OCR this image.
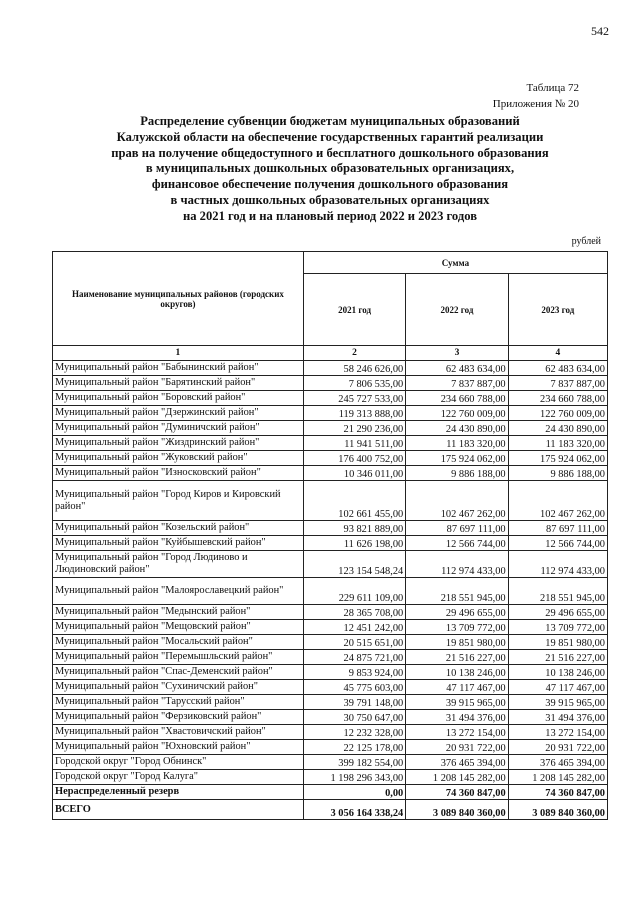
542
Таблица 72
Приложения № 20
Распределение субвенции бюджетам муниципальных образований
Калужской области на обеспечение государственных гарантий реализации
прав на получение общедоступного и бесплатного дошкольного образования
в муниципальных дошкольных образовательных организациях,
финансовое обеспечение получения дошкольного образования
в частных дошкольных образовательных организациях
на 2021 год и на плановый период 2022 и 2023 годов
рублей
Наименование муниципальных районов (городских округов)	Сумма		
	2021 год	2022 год	2023 год
1	2	3	4
Муниципальный район "Бабынинский район"	58 246 626,00	62 483 634,00	62 483 634,00
Муниципальный район "Барятинский район"	7 806 535,00	7 837 887,00	7 837 887,00
Муниципальный район "Боровский район"	245 727 533,00	234 660 788,00	234 660 788,00
Муниципальный район "Дзержинский район"	119 313 888,00	122 760 009,00	122 760 009,00
Муниципальный район "Думиничский район"	21 290 236,00	24 430 890,00	24 430 890,00
Муниципальный район "Жиздринский район"	11 941 511,00	11 183 320,00	11 183 320,00
Муниципальный район "Жуковский район"	176 400 752,00	175 924 062,00	175 924 062,00
Муниципальный район "Износковский район"	10 346 011,00	9 886 188,00	9 886 188,00
Муниципальный район "Город Киров и Кировский район"	102 661 455,00	102 467 262,00	102 467 262,00
Муниципальный район "Козельский район"	93 821 889,00	87 697 111,00	87 697 111,00
Муниципальный район "Куйбышевский район"	11 626 198,00	12 566 744,00	12 566 744,00
Муниципальный район "Город Людиново и Людиновский район"	123 154 548,24	112 974 433,00	112 974 433,00
Муниципальный район "Малоярославецкий район"	229 611 109,00	218 551 945,00	218 551 945,00
Муниципальный район "Медынский район"	28 365 708,00	29 496 655,00	29 496 655,00
Муниципальный район "Мещовский район"	12 451 242,00	13 709 772,00	13 709 772,00
Муниципальный район "Мосальский район"	20 515 651,00	19 851 980,00	19 851 980,00
Муниципальный район "Перемышльский район"	24 875 721,00	21 516 227,00	21 516 227,00
Муниципальный район "Спас-Деменский район"	9 853 924,00	10 138 246,00	10 138 246,00
Муниципальный район "Сухиничский район"	45 775 603,00	47 117 467,00	47 117 467,00
Муниципальный район "Тарусский район"	39 791 148,00	39 915 965,00	39 915 965,00
Муниципальный район "Ферзиковский район"	30 750 647,00	31 494 376,00	31 494 376,00
Муниципальный район "Хвастовичский район"	12 232 328,00	13 272 154,00	13 272 154,00
Муниципальный район "Юхновский район"	22 125 178,00	20 931 722,00	20 931 722,00
Городской округ "Город Обнинск"	399 182 554,00	376 465 394,00	376 465 394,00
Городской округ "Город Калуга"	1 198 296 343,00	1 208 145 282,00	1 208 145 282,00
Нераспределенный резерв	0,00	74 360 847,00	74 360 847,00
ВСЕГО	3 056 164 338,24	3 089 840 360,00	3 089 840 360,00
